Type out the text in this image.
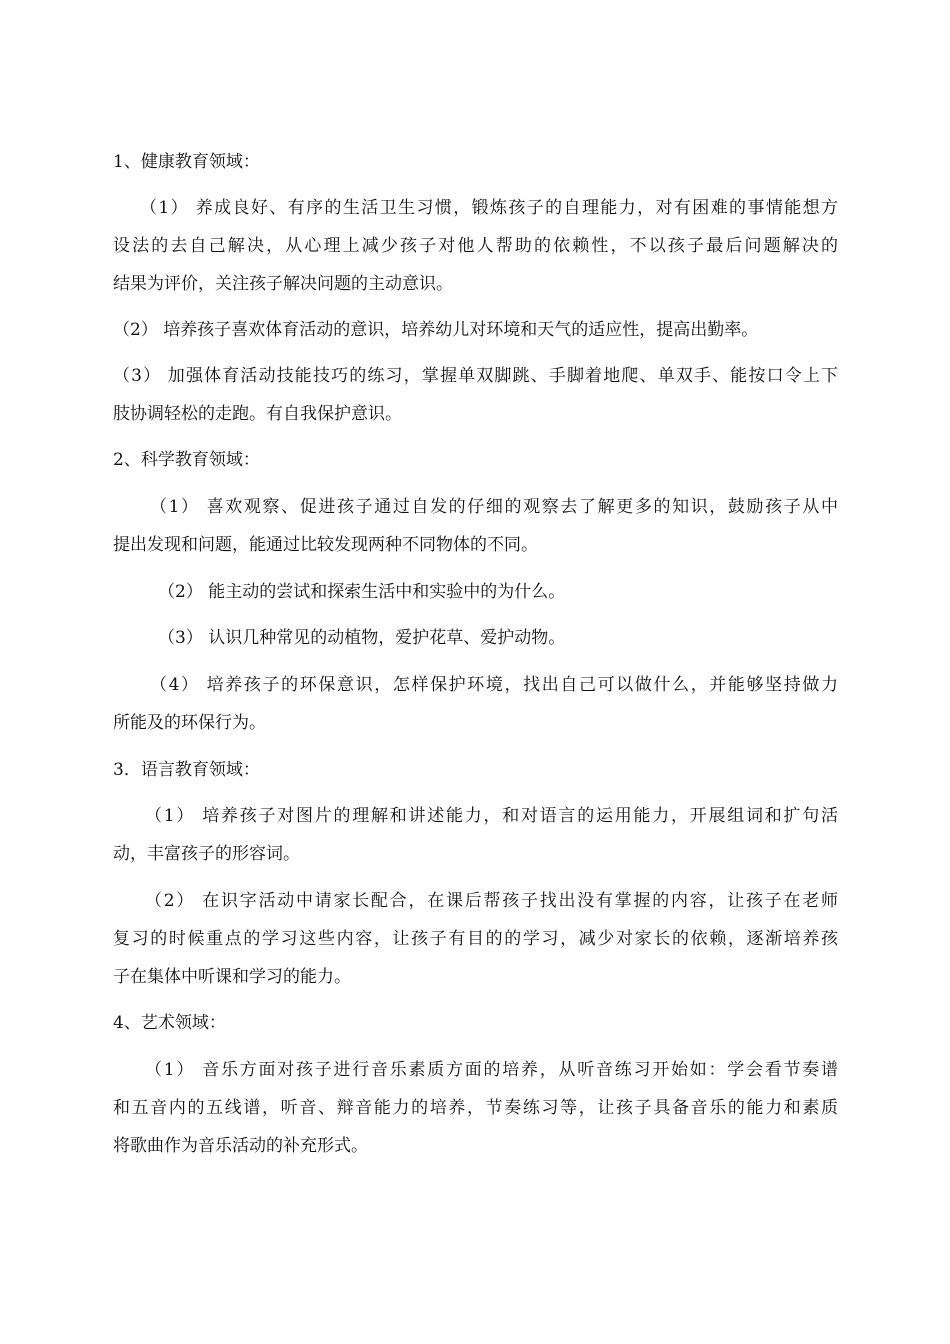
1、健康教育领域：

（1） 养成良好、有序的生活卫生习惯，锻炼孩子的自理能力，对有困难的事情能想方

设法的去自己解决，从心理上减少孩子对他人帮助的依赖性，不以孩子最后问题解决的

结果为评价，关注孩子解决问题的主动意识。

（2） 培养孩子喜欢体育活动的意识，培养幼儿对环境和天气的适应性，提高出勤率。

（3） 加强体育活动技能技巧的练习，掌握单双脚跳、手脚着地爬、单双手、能按口令上下

肢协调轻松的走跑。有自我保护意识。

2、科学教育领域：

（1） 喜欢观察、促进孩子通过自发的仔细的观察去了解更多的知识，鼓励孩子从中

提出发现和问题，能通过比较发现两种不同物体的不同。

（2） 能主动的尝试和探索生活中和实验中的为什么。

（3） 认识几种常见的动植物，爱护花草、爱护动物。

（4） 培养孩子的环保意识，怎样保护环境，找出自己可以做什么，并能够坚持做力

所能及的环保行为。

3．语言教育领域：

（1） 培养孩子对图片的理解和讲述能力，和对语言的运用能力，开展组词和扩句活

动，丰富孩子的形容词。

（2） 在识字活动中请家长配合，在课后帮孩子找出没有掌握的内容，让孩子在老师

复习的时候重点的学习这些内容，让孩子有目的的学习，减少对家长的依赖，逐渐培养孩

子在集体中听课和学习的能力。

4、艺术领域：

（1） 音乐方面对孩子进行音乐素质方面的培养，从听音练习开始如：学会看节奏谱

和五音内的五线谱，听音、辩音能力的培养，节奏练习等，让孩子具备音乐的能力和素质

将歌曲作为音乐活动的补充形式。
